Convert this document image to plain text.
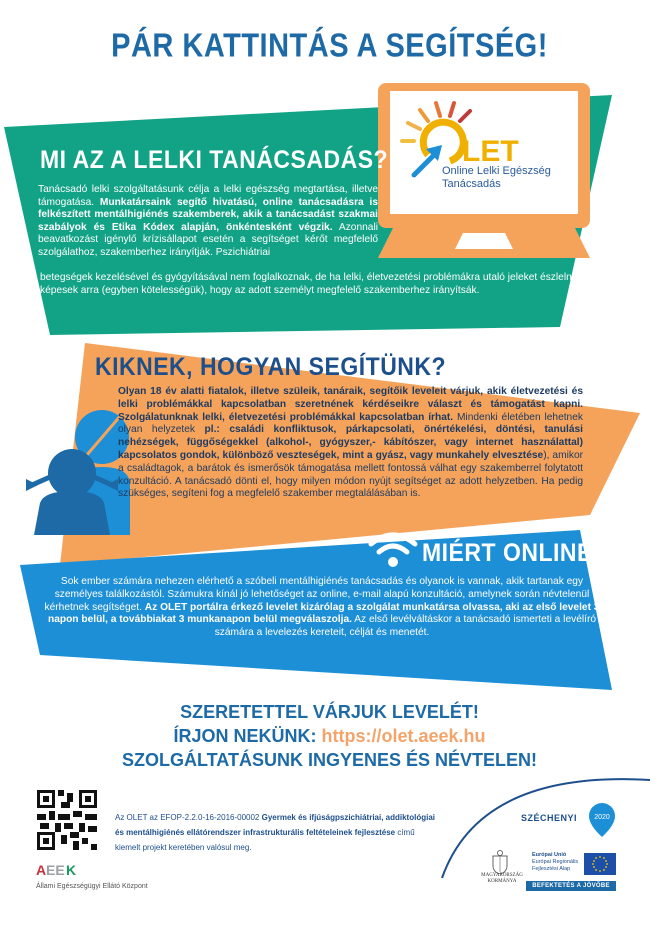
PÁR KATTINTÁS A SEGÍTSÉG!
LET
Online Lelki Egészség
Tanácsadás
MI AZ A LELKI TANÁCSADÁS?
Tanácsadó lelki szolgáltatásunk célja a lelki egészség megtartása, illetve támogatása. Munkatársaink segítő hivatású, online tanácsadásra is felkészített mentálhigiénés szakemberek, akik a tanácsadást szakmai szabályok és Etika Kódex alapján, önkéntesként végzik. Azonnali beavatkozást igénylő krízisállapot esetén a segítséget kérőt megfelelő szolgálathoz, szakemberhez irányítják. Pszichiátriai
betegségek kezelésével és gyógyításával nem foglalkoznak, de ha lelki, életvezetési problémákra utaló jeleket észlelnek, képesek arra (egyben kötelességük), hogy az adott személyt megfelelő szakemberhez irányítsák.
KIKNEK, HOGYAN SEGÍTÜNK?
Olyan 18 év alatti fiatalok, illetve szüleik, tanáraik, segítőik leveleit várjuk, akik életvezetési és lelki problémákkal kapcsolatban szeretnének kérdéseikre választ és támogatást kapni. Szolgálatunknak lelki, életvezetési problémákkal kapcsolatban írhat. Mindenki életében lehetnek olyan helyzetek pl.: családi konfliktusok, párkapcsolati, önértékelési, döntési, tanulási nehézségek, függőségekkel (alkohol-, gyógyszer,- kábítószer, vagy internet használattal) kapcsolatos gondok, különböző veszteségek, mint a gyász, vagy munkahely elvesztése), amikor a családtagok, a barátok és ismerősök támogatása mellett fontossá válhat egy szakemberrel folytatott konzultáció. A tanácsadó dönti el, hogy milyen módon nyújt segítséget az adott helyzetben. Ha pedig szükséges, segíteni fog a megfelelő szakember megtalálásában is.
MIÉRT ONLINE?
Sok ember számára nehezen elérhető a szóbeli mentálhigiénés tanácsadás és olyanok is vannak, akik tartanak egy személyes találkozástól. Számukra kínál jó lehetőséget az online, e-mail alapú konzultáció, amelynek során névtelenül kérhetnek segítséget. Az OLET portálra érkező levelet kizárólag a szolgálat munkatársa olvassa, aki az első levelet 3 napon belül, a továbbiakat 3 munkanapon belül megválaszolja. Az első levélváltáskor a tanácsadó ismerteti a levélíró számára a levelezés kereteit, célját és menetét.
SZERETETTEL VÁRJUK LEVELÉT!
ÍRJON NEKÜNK: https://olet.aeek.hu
SZOLGÁLTATÁSUNK INGYENES ÉS NÉVTELEN!
A EE K
Állami Egészségügyi Ellátó Központ
Az OLET az EFOP-2.2.0-16-2016-00002 Gyermek és ifjúságpszichiátriai, addiktológiai és mentálhigiénés ellátórendszer infrastrukturális feltételeinek fejlesztése című kiemelt projekt keretében valósul meg.
SZÉCHENYI 2020
MAGYARORSZÁG
KORMÁNYA
Európai Unió
Európai Regionális
Fejlesztési Alap
BEFEKTETÉS A JÖVŐBE
